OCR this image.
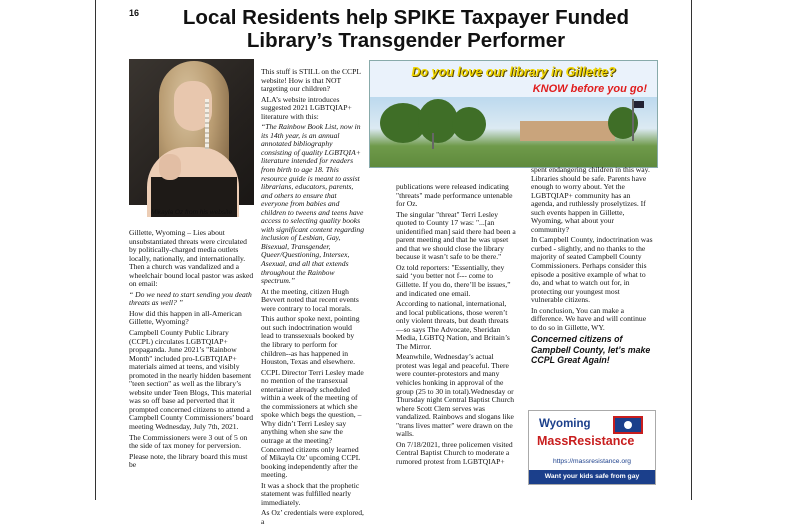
16	Local Residents help SPIKE Taxpayer Funded
Library’s Transgender Performer
Mikayla Oz from his website

Gillette, Wyoming – Lies about unsubstantiated threats were circulated by politically-charged media outlets locally, nationally, and internationally. Then a church was vandalized and a wheelchair bound local pastor was asked on email:

“ Do we need to start sending you death threats as well? ”

How did this happen in all-American Gillette, Wyoming?

Campbell County Public Library (CCPL) circulates LGBTQIAP+ propaganda. June 2021’s "Rainbow Month" included pro-LGBTQIAP+ materials aimed at teens, and visibly promoted in the nearly hidden basement "teen section" as well as the library’s website under Teen Blogs, This material was so off base ad perverted that it prompted concerned citizens to attend a Campbell County Commissioners’ board meeting Wednesday, July 7th, 2021.

The Commissioners were 3 out of 5 on the side of tax money for perversion.

Please note, the library board this must be

This stuff is STILL on the CCPL website! How is that NOT targeting our children?

ALA’s website introduces suggested 2021 LGBTQIAP+ literature with this:

“The Rainbow Book List, now in its 14th year, is an annual annotated bibliography consisting of quality LGBTQIA+ literature intended for readers from birth to age 18. This resource guide is meant to assist librarians, educators, parents, and others to ensure that everyone from babies and children to tweens and teens have access to selecting quality books with significant content regarding inclusion of Lesbian, Gay, Bisexual, Transgender, Queer/Questioning, Intersex, Asexual, and all that extends throughout the Rainbow spectrum.”

At the meeting, citizen Hugh Bevvert noted that recent events were contrary to local morals.

This author spoke next, pointing out such indoctrination would lead to transsexuals booked by the library to perform for children--as has happened in Houston, Texas and elsewhere.

CCPL Director Terri Lesley made no mention of the transexual entertainer already scheduled within a week of the meeting of the commissioners at which she spoke which begs the question, – Why didn’t Terri Lesley say anything when she saw the outrage at the meeting? Concerned citizens only learned of Mikayla Oz’ upcoming CCPL booking independently after the meeting.

It was a shock that the prophetic statement was fulfilled nearly immediately.

As Oz’ credentials were explored, a

Do you love our library in Gillette?
KNOW before you go!

publications were released indicating "threats" made performance untenable for Oz.

The singular "threat" Terri Lesley quoted to County 17 was: "...[an unidentified man] said there had been a parent meeting and that he was upset and that we should close the library because it wasn’t safe to be there."

Oz told reporters: "Essentially, they said ‘you better not f--- come to Gillette. If you do, there’ll be issues,” and indicated one email.

According to national, international, and local publications, those weren’t only violent threats, but death threats—so says The Advocate, Sheridan Media, LGBTQ Nation, and Britain’s The Mirror.

Meanwhile, Wednesday’s actual protest was legal and peaceful. There were counter-protestors and many vehicles honking in approval of the group (25 to 30 in total).Wednesday or Thursday night Central Baptist Church where Scott Clem serves was vandalized. Rainbows and slogans like "trans lives matter" were drawn on the walls.

On 7/18/2021, three policemen visited Central Baptist Church to moderate a rumored protest from LGBTQIAP+

spent endangering children in this way. Libraries should be safe. Parents have enough to worry about. Yet the LGBTQIAP+ community has an agenda, and ruthlessly proselytizes. If such events happen in Gillette, Wyoming, what about your community?

In Campbell County, indoctrination was curbed - slightly, and no thanks to the majority of seated Campbell County Commissioners. Perhaps consider this episode a positive example of what to do, and what to watch out for, in protecting our youngest most vulnerable citizens.

In conclusion, You can make a difference. We have and will continue to do so in Gillette, WY.

Concerned citizens of Campbell County, let’s make CCPL Great Again!

Wyoming
MassResistance
https://massresistance.org
Want your kids safe from gay
